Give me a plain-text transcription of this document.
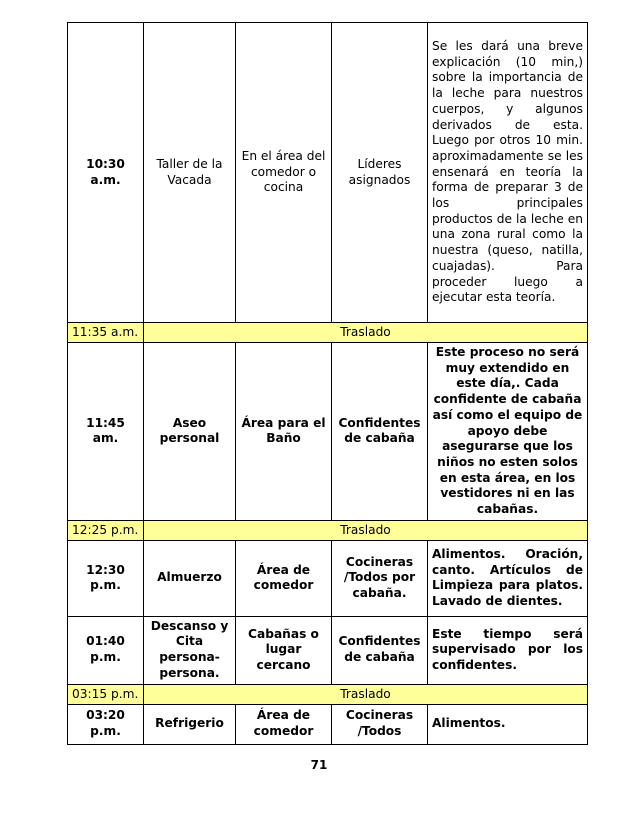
10:30 a.m.	Taller de la Vacada	En el área del comedor o cocina	Líderes asignados	Se les dará una breve explicación (10 min,) sobre la importancia de la leche para nuestros cuerpos, y algunos derivados de esta. Luego por otros 10 min. aproximadamente se les ensenará en teoría la forma de preparar 3 de los principales productos de la leche en una zona rural como la nuestra (queso, natilla, cuajadas). Para proceder luego a ejecutar esta teoría.
11:35 a.m.	Traslado			
11:45 am.	Aseo personal	Área para el Baño	Confidentes de cabaña	Este proceso no será muy extendido en este día,. Cada confidente de cabaña así como el equipo de apoyo debe asegurarse que los niños no esten solos en esta área, en los vestidores ni en las cabañas.
12:25 p.m.	Traslado			
12:30 p.m.	Almuerzo	Área de comedor	Cocineras /Todos por cabaña.	Alimentos. Oración, canto. Artículos de Limpieza para platos. Lavado de dientes.
01:40 p.m.	Descanso y Cita persona-persona.	Cabañas o lugar cercano	Confidentes de cabaña	Este tiempo será supervisado por los confidentes.
03:15 p.m.	Traslado			
03:20 p.m.	Refrigerio	Área de comedor	Cocineras /Todos	Alimentos.
71
